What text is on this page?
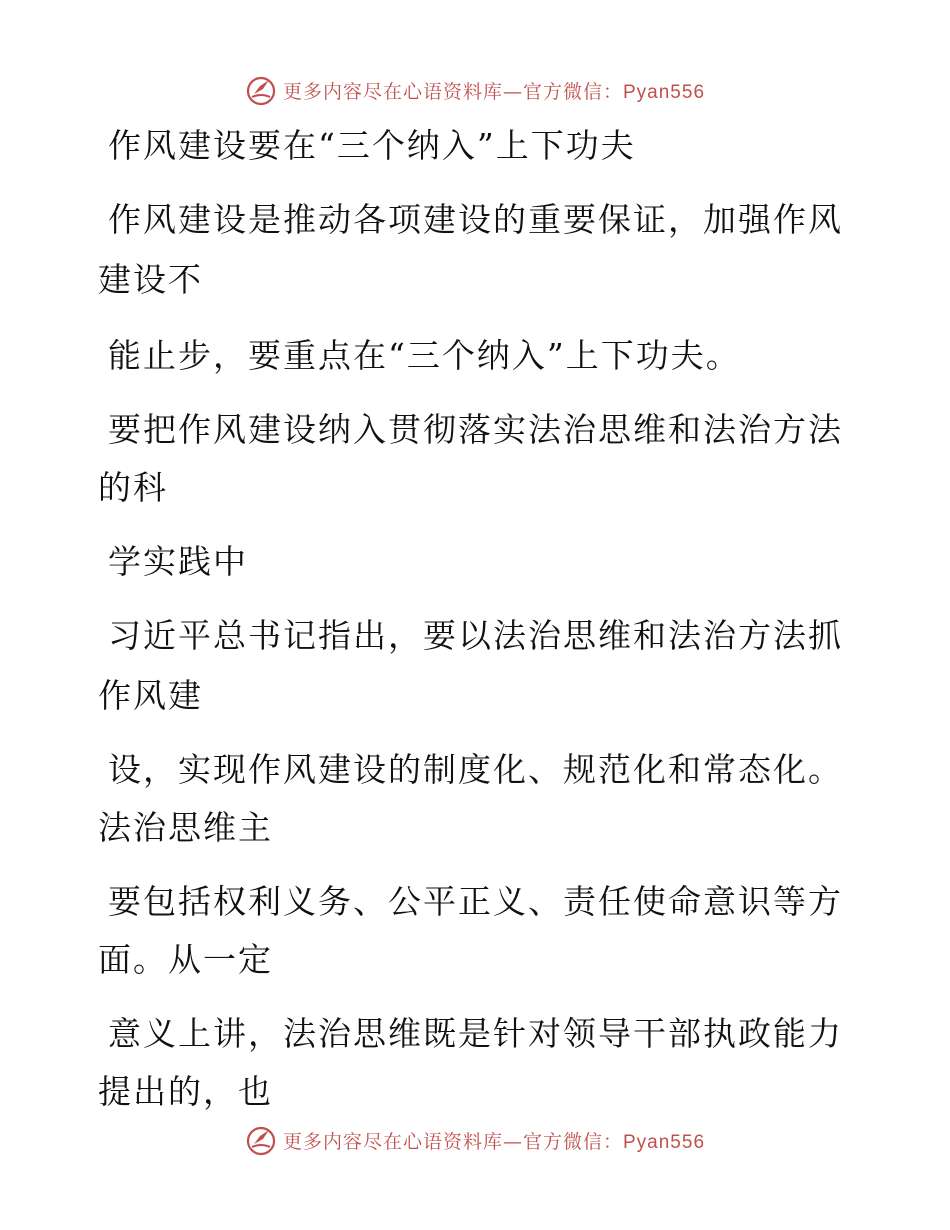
更多内容尽在心语资料库—官方微信：Pyan556
作风建设要在“三个纳入”上下功夫
作风建设是推动各项建设的重要保证，加强作风
建设不
能止步，要重点在“三个纳入”上下功夫。
要把作风建设纳入贯彻落实法治思维和法治方法
的科
学实践中
习近平总书记指出，要以法治思维和法治方法抓
作风建
设，实现作风建设的制度化、规范化和常态化。
法治思维主
要包括权利义务、公平正义、责任使命意识等方
面。从一定
意义上讲，法治思维既是针对领导干部执政能力
提出的，也
更多内容尽在心语资料库—官方微信：Pyan556
